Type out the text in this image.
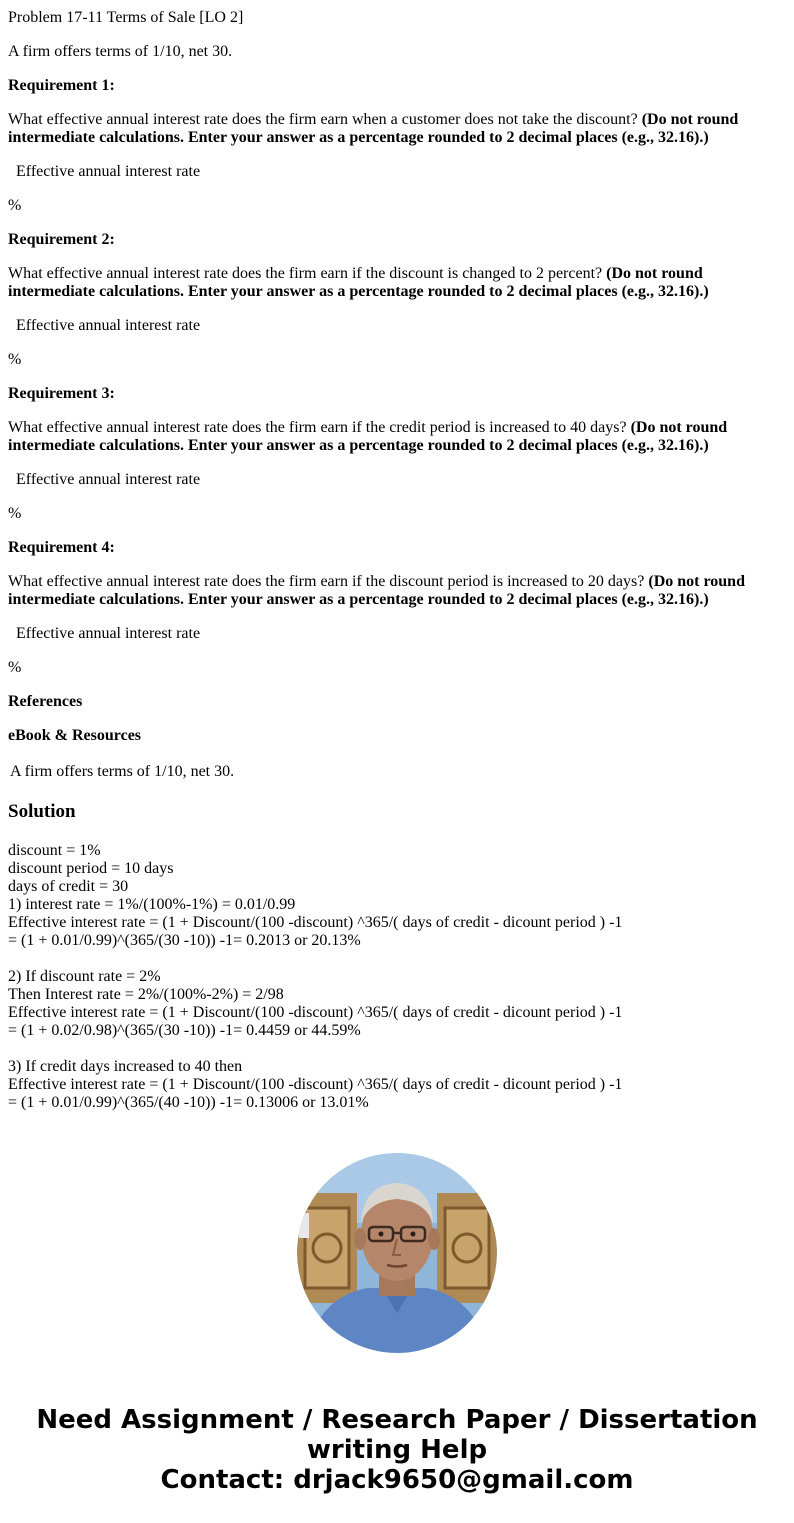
Problem 17-11 Terms of Sale [LO 2]
A firm offers terms of 1/10, net 30.
Requirement 1:
What effective annual interest rate does the firm earn when a customer does not take the discount? (Do not round intermediate calculations. Enter your answer as a percentage rounded to 2 decimal places (e.g., 32.16).)
Effective annual interest rate
%
Requirement 2:
What effective annual interest rate does the firm earn if the discount is changed to 2 percent? (Do not round intermediate calculations. Enter your answer as a percentage rounded to 2 decimal places (e.g., 32.16).)
Effective annual interest rate
%
Requirement 3:
What effective annual interest rate does the firm earn if the credit period is increased to 40 days? (Do not round intermediate calculations. Enter your answer as a percentage rounded to 2 decimal places (e.g., 32.16).)
Effective annual interest rate
%
Requirement 4:
What effective annual interest rate does the firm earn if the discount period is increased to 20 days? (Do not round intermediate calculations. Enter your answer as a percentage rounded to 2 decimal places (e.g., 32.16).)
Effective annual interest rate
%
References
eBook & Resources
A firm offers terms of 1/10, net 30.
Solution
discount = 1%
discount period = 10 days
days of credit = 30
1) interest rate = 1%/(100%-1%) = 0.01/0.99
Effective interest rate = (1 + Discount/(100 -discount) ^365/( days of credit - dicount period ) -1
= (1 + 0.01/0.99)^(365/(30 -10)) -1= 0.2013 or 20.13%
2) If discount rate = 2%
Then Interest rate = 2%/(100%-2%) = 2/98
Effective interest rate = (1 + Discount/(100 -discount) ^365/( days of credit - dicount period ) -1
= (1 + 0.02/0.98)^(365/(30 -10)) -1= 0.4459 or 44.59%
3) If credit days increased to 40 then
Effective interest rate = (1 + Discount/(100 -discount) ^365/( days of credit - dicount period ) -1
= (1 + 0.01/0.99)^(365/(40 -10)) -1= 0.13006 or 13.01%
Need Assignment / Research Paper / Dissertation
writing Help
Contact: drjack9650@gmail.com
